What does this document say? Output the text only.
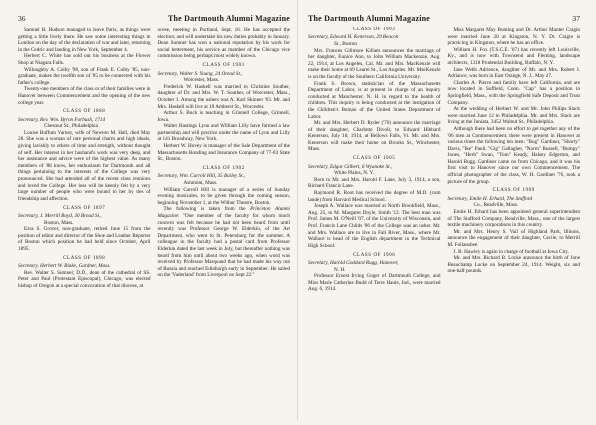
36	The Dartmouth Alumni Magazine

Samuel H. Hudson managed to leave Paris, as things were getting a little lively there. He saw some interesting things in London on the day of the declaration of war and later, returning in the Cedric and landing in New York, September 4.

Herbert C. White has sold out his business at the Flower Shop at Niagara Falls.

Willoughby A. Colby '98, son of Frank E. Colby '85, non-graduate, makes the twelfth son of '85 to be connected with his father's college.

Twenty-one members of the class or of their families were in Hanover between Commencement and the opening of the new college year.

CLASS OF 1888

Secretary, Rev. Wm. Byron Forbush, 1714

Chestnut St., Philadelphia

Louise Buffum Varney, wife of Newton M. Hall, died May 28. She was a woman of rare personal charm and high ideals, giving lavishly to others of time and strength, without thought of self. Her interest in her husband's work was very deep, and her assistance and advice were of the highest value. As many members of '88 know, her enthusiasm for Dartmouth and all things pertaining to the interests of the College was very pronounced. She had attended all of the recent class reunions and loved the College. Her loss will be keenly felt by a very large number of people who were bound to her by ties of friendship and affection.

CLASS OF 1897

Secretary, J. Merrill Boyd, 30 Broad St.,

Boston, Mass.

Ezra S. Grover, non-graduate, retired June 15 from the position of editor and director of the Shoe and Leather Reporter of Boston which position he had held since October, April 1895.

CLASS OF 1898

Secretary, Herbert W. Blake, Gardner, Mass.

Rev. Walter S. Sumner, D.D., dean of the cathedral of SS. Peter and Paul (Protestant Episcopal), Chicago, was elected bishop of Oregon at a special convocation of that diocese, at

ocese, meeting in Portland, Sept. 16. He has accepted the election, and will undertake his new duties probably in January. Dean Sumner has won a national reputation by his work for social betterment, his service as member of the Chicago vice commission being perhaps most widely known.

CLASS OF 1901

Secretary, Walter S. Young, 24 Oread St.,

Worcester, Mass.

Frederick W. Haskell was married to Christine Souther, daughter of Dr. and Mrs. W. T. Souther, of Worcester, Mass., October 1. Among the ushers was A. Karl Skinner '03. Mr. and Mrs. Haskell will live at 18 Amherst St., Worcester.

Arthur S. Buck is teaching in Grinnell College, Grinnell, Iowa.

Walter Hastings Lyon and William Lilly have formed a law partnership and will practice under the name of Lyon and Lilly at 141 Broadway, New York.

Herbert W. Hovey is manager of the Sale Department of the Massachusetts Bonding and Insurance Company of 77-83 State St., Boston.

CLASS OF 1902

Secretary, Wm. Carroll Hill, 35 Bailey St.,

Ashmont, Mass.

William Carroll Hill is manager of a series of Sunday evening musicales, to be given through the coming season, beginning November 1, at the Wilbur Theatre, Boston.

The following is taken from the Princeton Alumni Magazine: "One member of the faculty for whom much concern was felt because he had not been heard from until recently was Professor George W. Elderkin, of the Art Department, who went to St. Petersburg for the summer. A colleague in the faculty had a postal card from Professor Elderkin dated the last week in July, but thereafter nothing was heard from him until about two weeks ago, when word was received by Professor Marquand that he had made his way out of Russia and reached Edinburgh early in September. He sailed on the 'Vaderland' from Liverpool on Sept 22."

The Dartmouth Alumni Magazine	37
CLASS OF 1903

Secretary, Edward H. Kenerson, 29 Beacon

St., Boston

Mrs. Frances Gillmore Killam announces the marriage of her daughter, Eunice Ann, to John William Mackenzie, Aug. 22, 1914, at Los Angeles, Cal. Mr. and Mrs. MacKenzie will make their home at 69 Laurel St., Los Angeles. Mr. MacKenzie is on the faculty of the Southern California University.

Frank S. Brown, statistician of the Massachusetts Department of Labor, is at present in charge of an inquiry conducted at Manchester, N. H. in regard to the health of children. This inquiry is being conducted at the instigation of the Children's Bureau of the United States Department of Labor.

Mr. and Mrs. Herbert D. Ryder ('76) announce the marriage of their daughter, Charlotte Divoll, to Edward Hibbard Kenerson, July 10, 1914, at Bellows Falls, Vt. Mr. and Mrs. Kenerson will make their home on Brooks St., Winchester, Mass.

CLASS OF 1905

Secretary, Edgar Gilbert, 6 Wyanoke St.,

White Plains, N. Y.

Born to Mr. and Mrs. Harold F. Lane, July 3, 1914, a son, Richard Francis Lane.

Raymond R. Root has received the degree of M.D. (cum laude) from Harvard Medical School.

Joseph A. Wallace was married at North Brookfield, Mass., Aug. 25, to M. Margaret Doyle, Smith '12. The best man was Prof. James M. O'Neill '07, of the University of Wisconsin, and Prof. Francis Lane Childs '06 of the College was an usher. Mr. and Mrs. Wallace are to live in Fall River, Mass., where Mr. Wallace is head of the English department in the Technical High School.

CLASS OF 1906

Secretary, Harold Goddard Rugg, Hanover,

N. H.

Professor Ernest Irving Goger of Dartmouth College, and Miss Marie Catherine Budd of Terre Haute, Ind., were married Aug. 6, 1914.

Miss Margaret May Bunting and Dr. Arthur Manter Cragin were married June 20 at Kingston, N. Y. Dr. Cragin is practicing in Kingston, where he has an office.

William H. Fox (T.S.C.E. '07) has recently left Louisville, Ky., and is now with Townsend and Fleming, landscape architects, 1318 Prudential Building, Buffalo, N. Y.

Jane Webb Adrience, daughter of Mr. and Mrs. Robert I. Adriance, was born in East Orange, N. J., May 27.

Charles A. Pierce and family have left California, and are now located in Suffield, Conn. "Cap" has a position in Springfield, Mass., with the Springfield Safe Deposit and Trust Company.

At the wedding of Herbert W. and Mr. John Philips Slack were married June 12 in Philadelphia. Mr. and Mrs. Slack are living at the Juniata, 3452 Walnut St., Philadelphia.

Although there had been no effort to get together any of the '06 men at Commencement, there were present in Hanover at various times the following ten men: "Bug" Gardiner, "Shorty" Davis, "Ike" Paull, "Gig" Gallagher, "Norm" Russell, "Bumpy" Jones, "Herb" Swan, "Tom" Keady, Halsey Edgerton, and Harold Rugg. Gardiner came on from Chicago, and it was his first visit to Hanover since our own Commencement. The official photographer of the class, W. H. Gardiner '76, took a picture of the group.

CLASS OF 1909

Secretary, Emile H. Erhard, The Stafford

Co., Readville, Mass.

Emile H. Erhard has been appointed general superintendent of The Stafford Company, Readville, Mass., one of the largest textile machinery corporations in this country.

Mr. and Mrs. Henry S. Vail of Highland Park, Illinois, announce the engagement of their daughter, Cecile, to Merrill M. Follansbee.

J. B. Hawley is again in charge of football at Iowa City.

Mr. and Mrs. Richard B. Locke announce the birth of June Beauchamp Locke on September 24, 1914. Weight, six and one-half pounds.
